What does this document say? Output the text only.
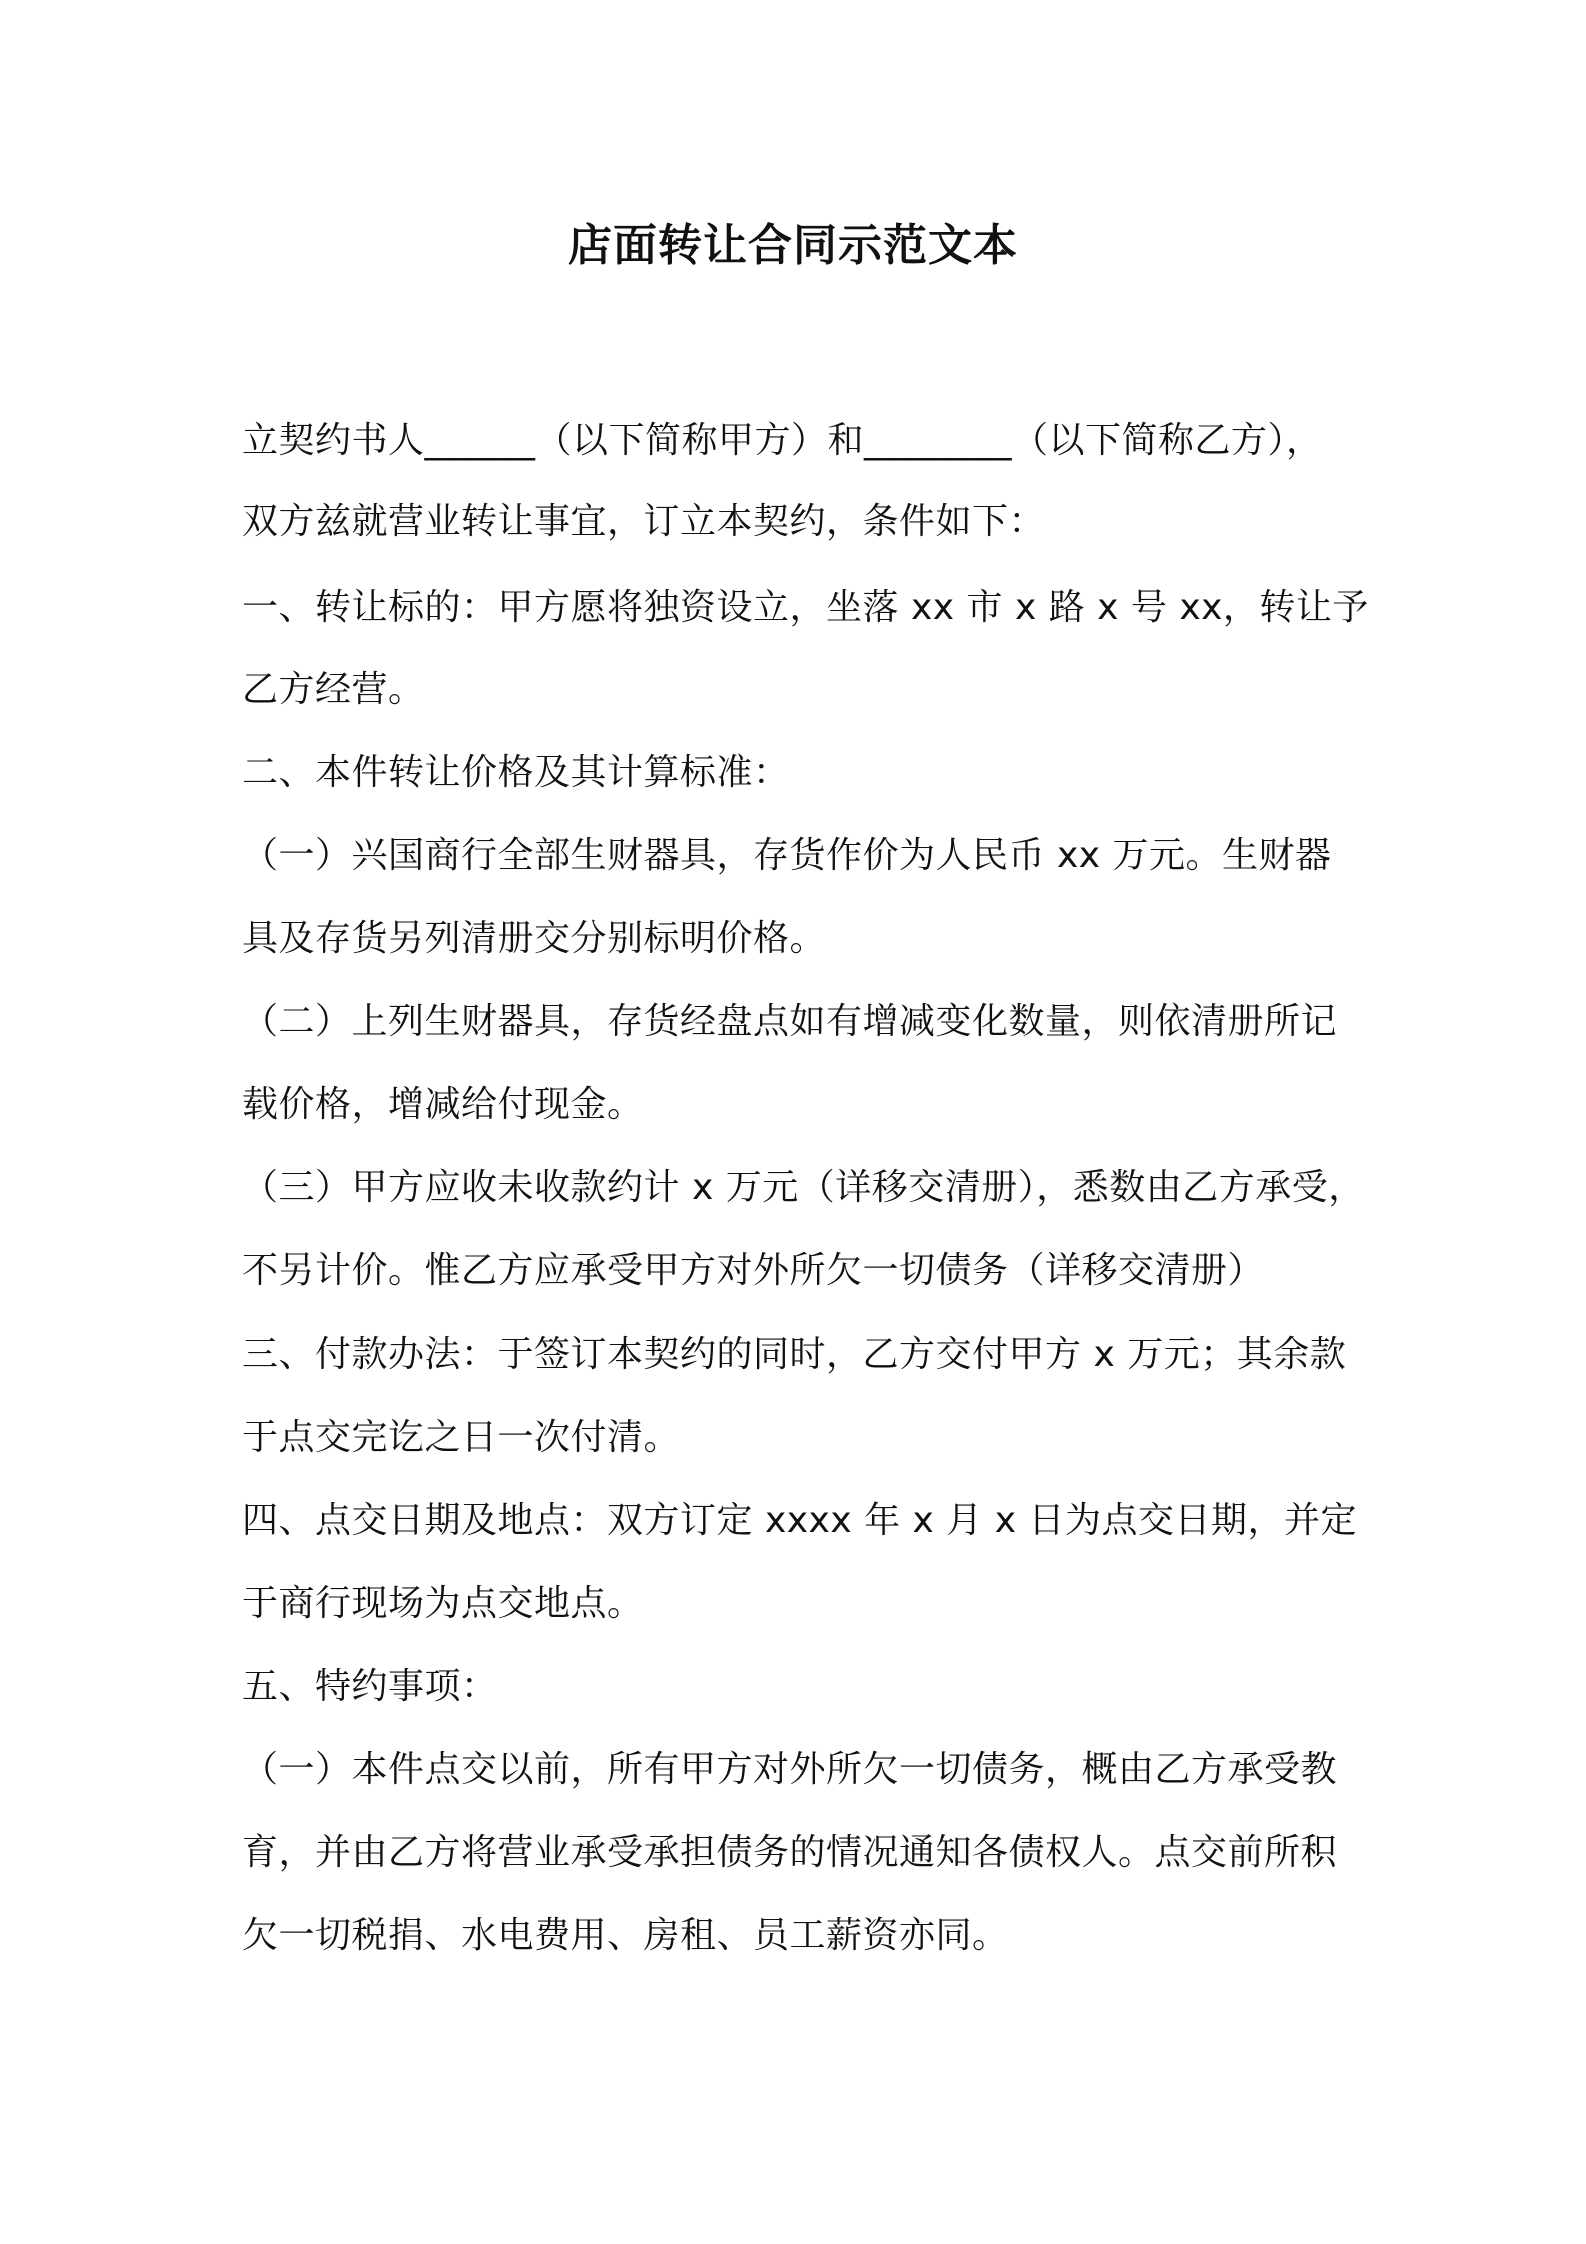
店面转让合同示范文本
立契约书人______（以下简称甲方）和________（以下简称乙方），
双方兹就营业转让事宜，订立本契约，条件如下：
一、转让标的：甲方愿将独资设立，坐落 xx 市 x 路 x 号 xx，转让予
乙方经营。
二、本件转让价格及其计算标准：
（一）兴国商行全部生财器具，存货作价为人民币 xx 万元。生财器
具及存货另列清册交分别标明价格。
（二）上列生财器具，存货经盘点如有增减变化数量，则依清册所记
载价格，增减给付现金。
（三）甲方应收未收款约计 x 万元（详移交清册），悉数由乙方承受，
不另计价。惟乙方应承受甲方对外所欠一切债务（详移交清册）
三、付款办法：于签订本契约的同时，乙方交付甲方 x 万元；其余款
于点交完讫之日一次付清。
四、点交日期及地点：双方订定 xxxx 年 x 月 x 日为点交日期，并定
于商行现场为点交地点。
五、特约事项：
（一）本件点交以前，所有甲方对外所欠一切债务，概由乙方承受教
育，并由乙方将营业承受承担债务的情况通知各债权人。点交前所积
欠一切税捐、水电费用、房租、员工薪资亦同。
